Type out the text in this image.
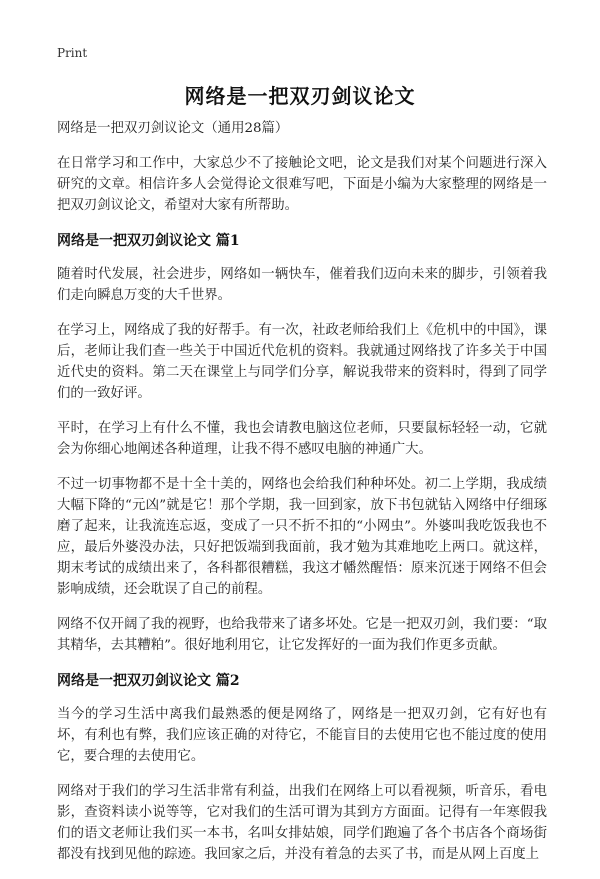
Print
网络是一把双刃剑议论文

网络是一把双刃剑议论文（通用28篇）

在日常学习和工作中，大家总少不了接触论文吧，论文是我们对某个问题进行深入研究的文章。相信许多人会觉得论文很难写吧，下面是小编为大家整理的网络是一把双刃剑议论文，希望对大家有所帮助。

网络是一把双刃剑议论文 篇1

随着时代发展，社会进步，网络如一辆快车，催着我们迈向未来的脚步，引领着我们走向瞬息万变的大千世界。

在学习上，网络成了我的好帮手。有一次，社政老师给我们上《危机中的中国》，课后，老师让我们查一些关于中国近代危机的资料。我就通过网络找了许多关于中国近代史的资料。第二天在课堂上与同学们分享，解说我带来的资料时，得到了同学们的一致好评。

平时，在学习上有什么不懂，我也会请教电脑这位老师，只要鼠标轻轻一动，它就会为你细心地阐述各种道理，让我不得不感叹电脑的神通广大。

不过一切事物都不是十全十美的，网络也会给我们种种坏处。初二上学期，我成绩大幅下降的“元凶”就是它！那个学期，我一回到家，放下书包就钻入网络中仔细琢磨了起来，让我流连忘返，变成了一只不折不扣的“小网虫”。外婆叫我吃饭我也不应，最后外婆没办法，只好把饭端到我面前，我才勉为其难地吃上两口。就这样，期末考试的成绩出来了，各科都很糟糕，我这才幡然醒悟：原来沉迷于网络不但会影响成绩，还会耽误了自己的前程。

网络不仅开阔了我的视野，也给我带来了诸多坏处。它是一把双刃剑，我们要：“取其精华，去其糟粕”。很好地利用它，让它发挥好的一面为我们作更多贡献。

网络是一把双刃剑议论文 篇2

当今的学习生活中离我们最熟悉的便是网络了，网络是一把双刃剑，它有好也有坏，有利也有弊，我们应该正确的对待它，不能盲目的去使用它也不能过度的使用它，要合理的去使用它。

网络对于我们的学习生活非常有利益，出我们在网络上可以看视频，听音乐，看电影，查资料读小说等等，它对我们的生活可谓为其到方方面面。记得有一年寒假我们的语文老师让我们买一本书，名叫女排姑娘，同学们跑遍了各个书店各个商场街都没有找到见他的踪迹。我回家之后，并没有着急的去买了书，而是从网上百度上
